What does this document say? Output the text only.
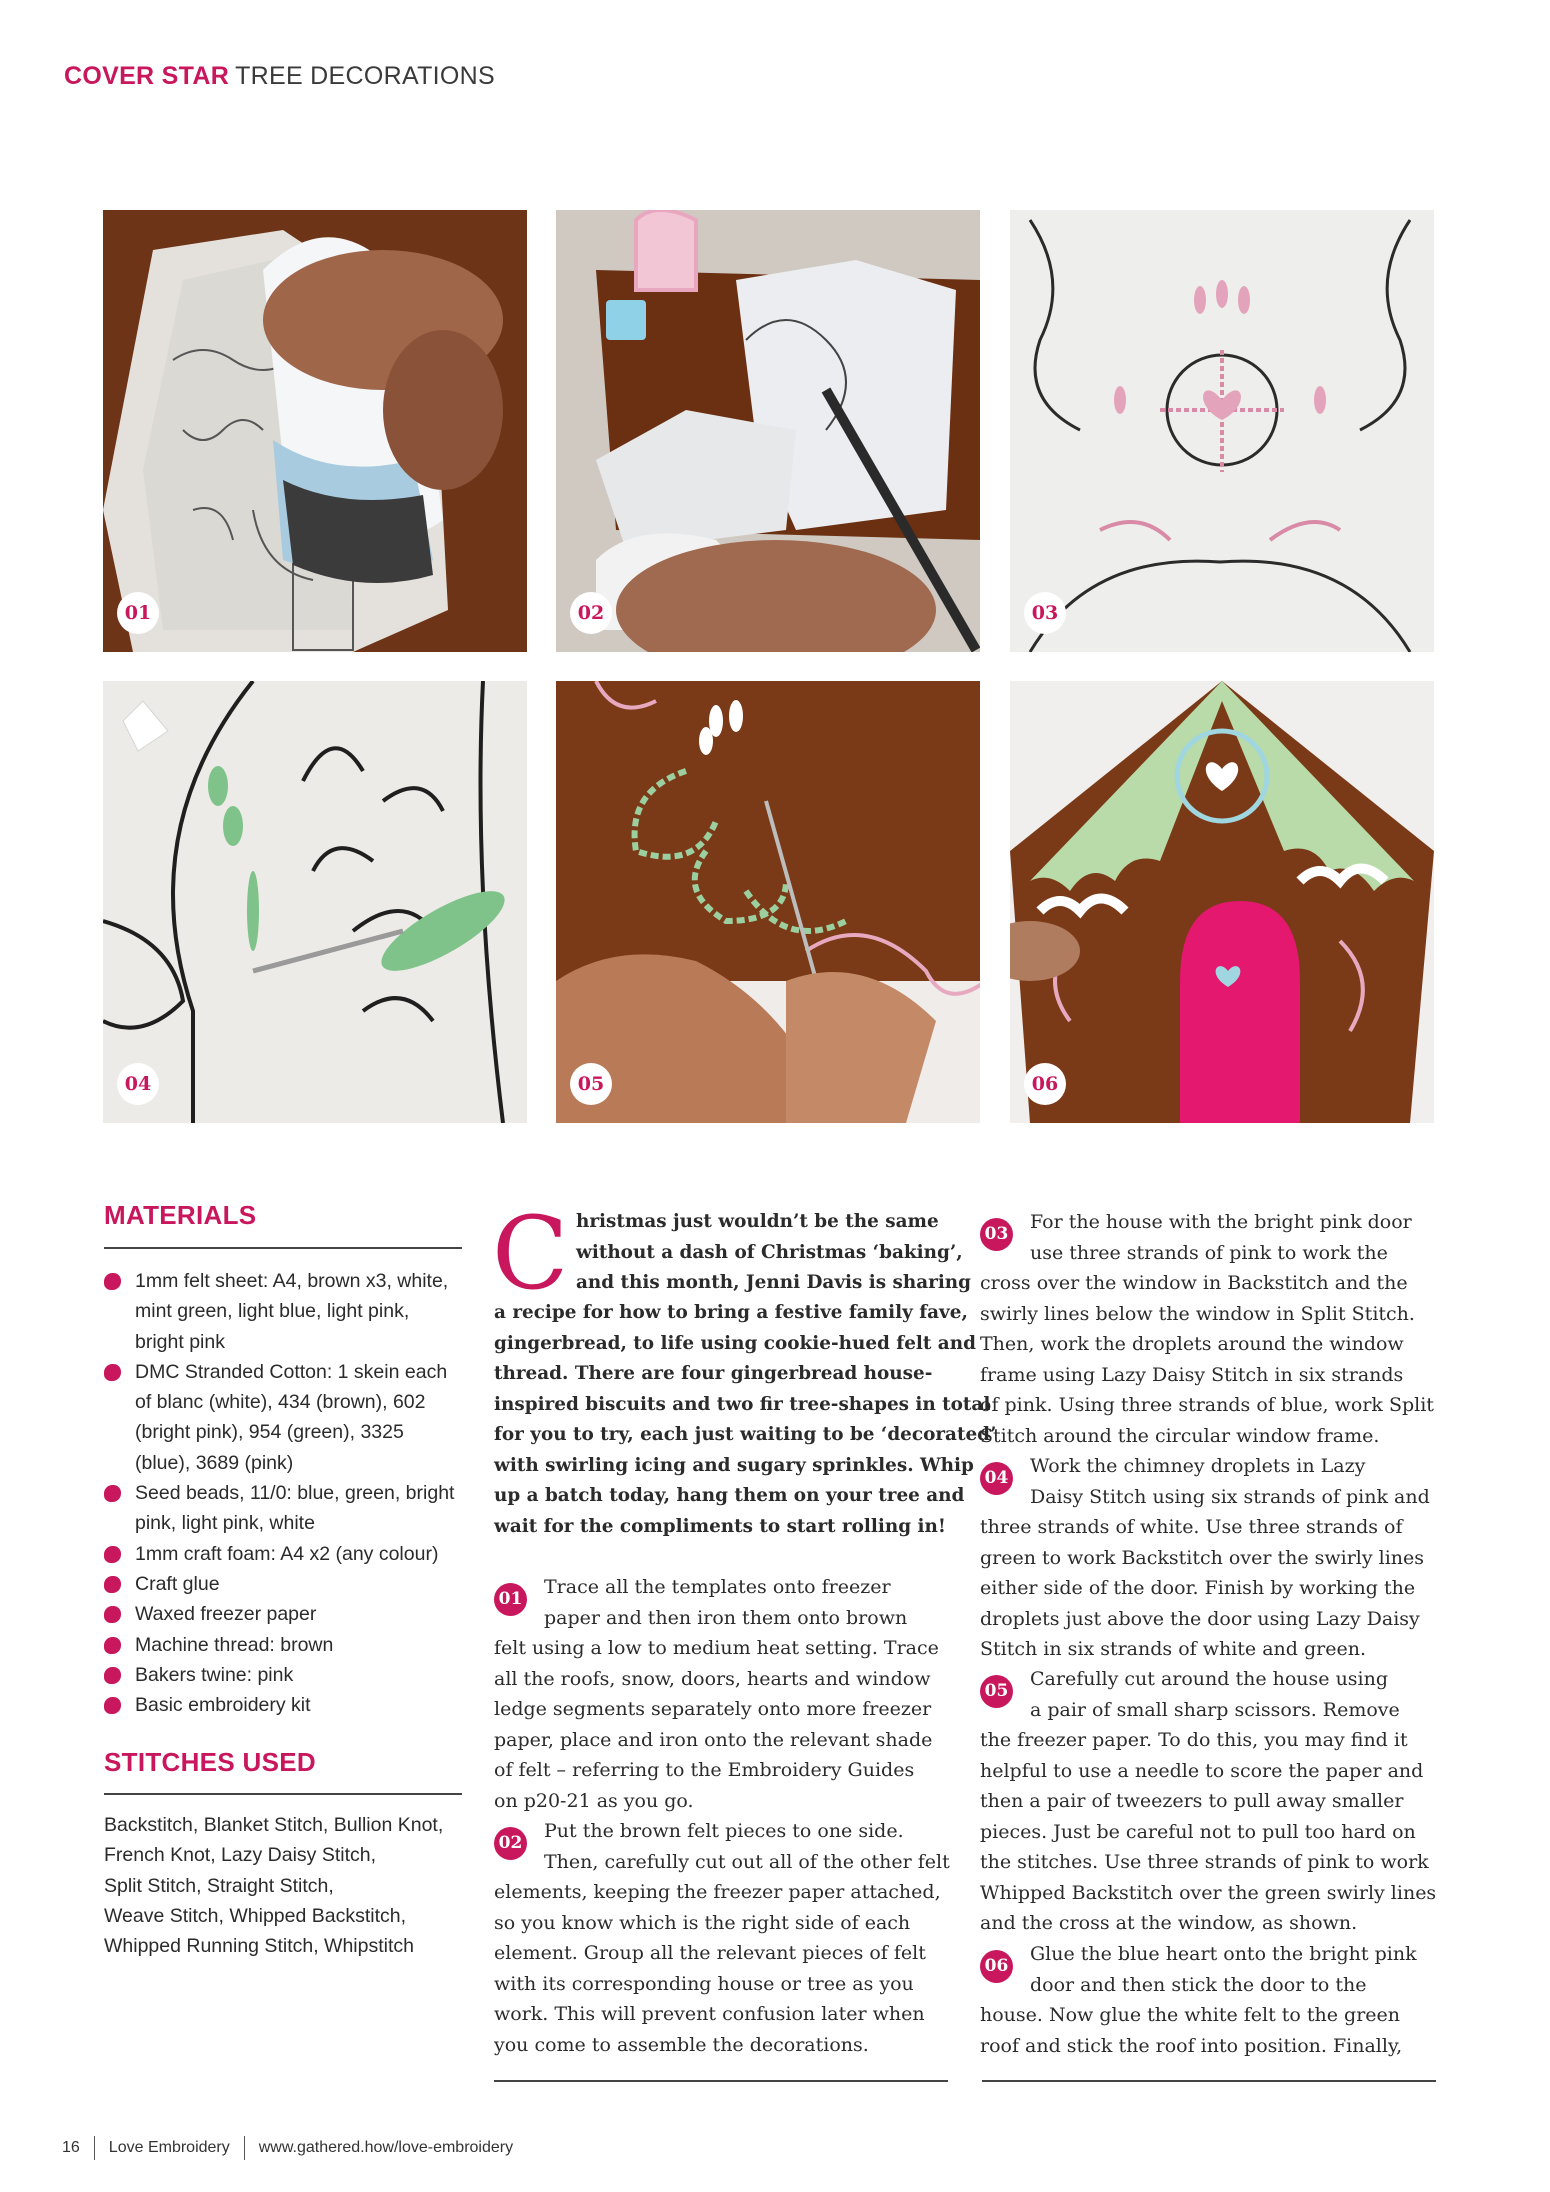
COVER STAR TREE DECORATIONS
01	02	03
04	05	06
MATERIALS
1mm felt sheet: A4, brown x3, white,
mint green, light blue, light pink,
bright pink
DMC Stranded Cotton: 1 skein each
of blanc (white), 434 (brown), 602
(bright pink), 954 (green), 3325
(blue), 3689 (pink)
Seed beads, 11/0: blue, green, bright
pink, light pink, white
1mm craft foam: A4 x2 (any colour)
Craft glue
Waxed freezer paper
Machine thread: brown
Bakers twine: pink
Basic embroidery kit
STITCHES USED
Backstitch, Blanket Stitch, Bullion Knot,
French Knot, Lazy Daisy Stitch,
Split Stitch, Straight Stitch,
Weave Stitch, Whipped Backstitch,
Whipped Running Stitch, Whipstitch
C hristmas just wouldn’t be the same
without a dash of Christmas ‘baking’,
and this month, Jenni Davis is sharing
a recipe for how to bring a festive family fave,
gingerbread, to life using cookie-hued felt and
thread. There are four gingerbread house-
inspired biscuits and two fir tree-shapes in total
for you to try, each just waiting to be ‘decorated’
with swirling icing and sugary sprinkles. Whip
up a batch today, hang them on your tree and
wait for the compliments to start rolling in!
01
Trace all the templates onto freezer
paper and then iron them onto brown
felt using a low to medium heat setting. Trace
all the roofs, snow, doors, hearts and window
ledge segments separately onto more freezer
paper, place and iron onto the relevant shade
of felt – referring to the Embroidery Guides
on p20-21 as you go.
02
Put the brown felt pieces to one side.
Then, carefully cut out all of the other felt
elements, keeping the freezer paper attached,
so you know which is the right side of each
element. Group all the relevant pieces of felt
with its corresponding house or tree as you
work. This will prevent confusion later when
you come to assemble the decorations.
03
For the house with the bright pink door
use three strands of pink to work the
cross over the window in Backstitch and the
swirly lines below the window in Split Stitch.
Then, work the droplets around the window
frame using Lazy Daisy Stitch in six strands
of pink. Using three strands of blue, work Split
Stitch around the circular window frame.
04
Work the chimney droplets in Lazy
Daisy Stitch using six strands of pink and
three strands of white. Use three strands of
green to work Backstitch over the swirly lines
either side of the door. Finish by working the
droplets just above the door using Lazy Daisy
Stitch in six strands of white and green.
05
Carefully cut around the house using
a pair of small sharp scissors. Remove
the freezer paper. To do this, you may find it
helpful to use a needle to score the paper and
then a pair of tweezers to pull away smaller
pieces. Just be careful not to pull too hard on
the stitches. Use three strands of pink to work
Whipped Backstitch over the green swirly lines
and the cross at the window, as shown.
06
Glue the blue heart onto the bright pink
door and then stick the door to the
house. Now glue the white felt to the green
roof and stick the roof into position. Finally,
16 Love Embroidery www.gathered.how/love-embroidery
